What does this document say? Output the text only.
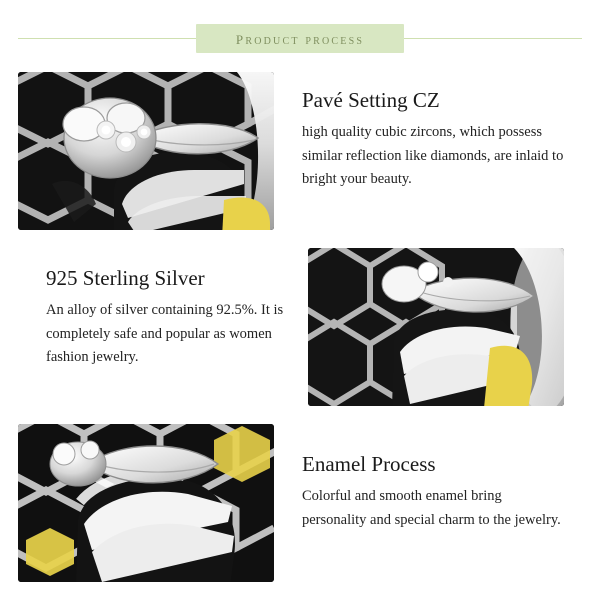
product process
Pavé Setting CZ

high quality cubic zircons, which possess similar reflection like diamonds, are inlaid to bright your beauty.

925 Sterling Silver

An alloy of silver containing 92.5%. It is completely safe and popular as women fashion jewelry.

Enamel Process

Colorful and smooth enamel bring personality and special charm to the jewelry.
